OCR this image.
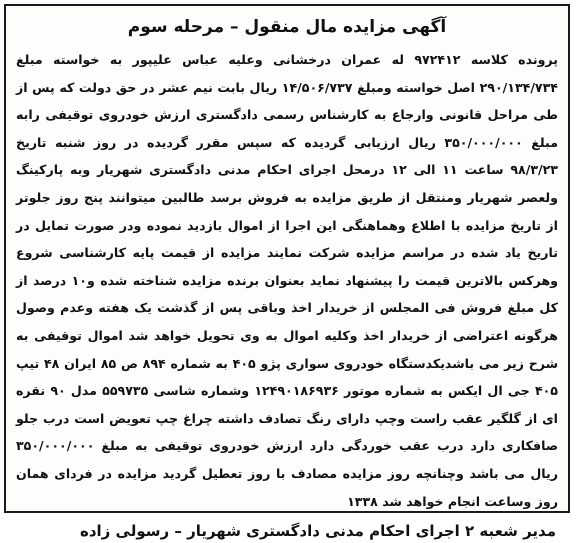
آگهی مزایده مال منقول – مرحله سوم
پرونده کلاسه ۹۷۲۴۱۲ له عمران درخشانی وعلیه عباس علیپور به خواسته مبلغ ۲۹۰/۱۳۴/۷۳۴ اصل خواسته ومبلغ ۱۴/۵۰۶/۷۳۷ ریال بابت نیم عشر در حق دولت که پس از طی مراحل قانونی وارجاع به کارشناس رسمی دادگستری ارزش خودروی توقیفی رابه مبلغ ۳۵۰/۰۰۰/۰۰۰ ریال ارزیابی گردیده که سپس مقرر گردیده در روز شنبه تاریخ ۹۸/۳/۲۳ ساعت ۱۱ الی ۱۲ درمحل اجرای احکام مدنی دادگستری شهریار وبه پارکینگ ولعصر شهریار ومنتقل از طریق مزایده به فروش برسد طالبین میتوانند پنج روز جلوتر از تاریخ مزایده با اطلاع وهماهنگی این اجرا از اموال بازدید نموده ودر صورت تمایل در تاریخ یاد شده در مراسم مزایده شرکت نمایند مزایده از قیمت پایه کارشناسی شروع وهرکس بالاترین قیمت را پیشنهاد نماید بعنوان برنده مزایده شناخته شده و۱۰ درصد از کل مبلغ فروش فی المجلس از خریدار اخذ وباقی پس از گذشت یک هفته وعدم وصول هرگونه اعتراضی از خریدار اخذ وکلیه اموال به وی تحویل خواهد شد اموال توقیفی به شرح زیر می باشدیکدستگاه خودروی سواری پژو ۴۰۵ به شماره ۸۹۴ ص ۸۵ ایران ۴۸ تیپ ۴۰۵ جی ال ایکس به شماره موتور ۱۲۴۹۰۱۸۶۹۳۶ وشماره شاسی ۵۵۹۷۳۵ مدل ۹۰ نقره ای از گلگیر عقب راست وچپ دارای رنگ تصادف داشته چراغ چپ تعویض است درب جلو صافکاری دارد درب عقب خوردگی دارد ارزش خودروی توقیفی به مبلغ ۳۵۰/۰۰۰/۰۰۰ ریال می باشد وچنانچه روز مزایده مصادف با روز تعطیل گردید مزایده در فردای همان روز وساعت انجام خواهد شد ۱۳۳۸
مدیر شعبه ۲ اجرای احکام مدنی دادگستری شهریار – رسولی زاده
